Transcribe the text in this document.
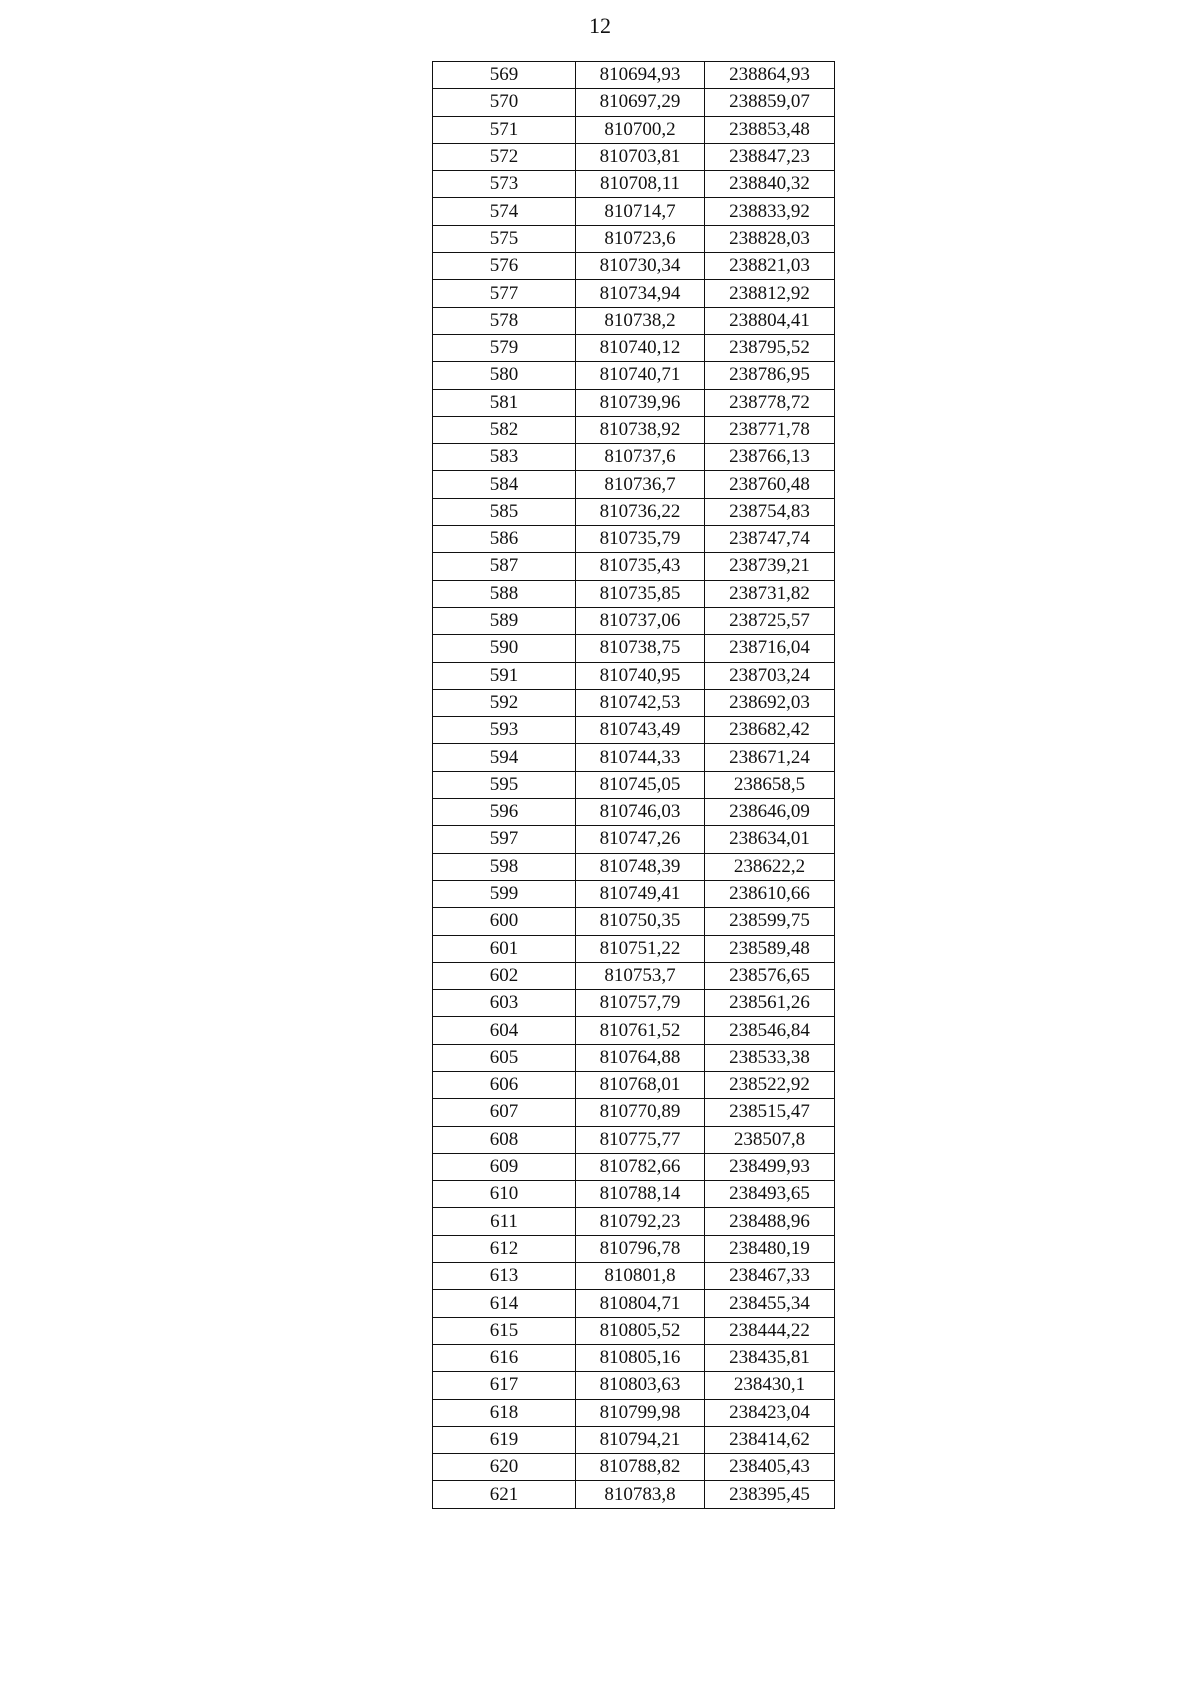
12
569	810694,93	238864,93
570	810697,29	238859,07
571	810700,2	238853,48
572	810703,81	238847,23
573	810708,11	238840,32
574	810714,7	238833,92
575	810723,6	238828,03
576	810730,34	238821,03
577	810734,94	238812,92
578	810738,2	238804,41
579	810740,12	238795,52
580	810740,71	238786,95
581	810739,96	238778,72
582	810738,92	238771,78
583	810737,6	238766,13
584	810736,7	238760,48
585	810736,22	238754,83
586	810735,79	238747,74
587	810735,43	238739,21
588	810735,85	238731,82
589	810737,06	238725,57
590	810738,75	238716,04
591	810740,95	238703,24
592	810742,53	238692,03
593	810743,49	238682,42
594	810744,33	238671,24
595	810745,05	238658,5
596	810746,03	238646,09
597	810747,26	238634,01
598	810748,39	238622,2
599	810749,41	238610,66
600	810750,35	238599,75
601	810751,22	238589,48
602	810753,7	238576,65
603	810757,79	238561,26
604	810761,52	238546,84
605	810764,88	238533,38
606	810768,01	238522,92
607	810770,89	238515,47
608	810775,77	238507,8
609	810782,66	238499,93
610	810788,14	238493,65
611	810792,23	238488,96
612	810796,78	238480,19
613	810801,8	238467,33
614	810804,71	238455,34
615	810805,52	238444,22
616	810805,16	238435,81
617	810803,63	238430,1
618	810799,98	238423,04
619	810794,21	238414,62
620	810788,82	238405,43
621	810783,8	238395,45
